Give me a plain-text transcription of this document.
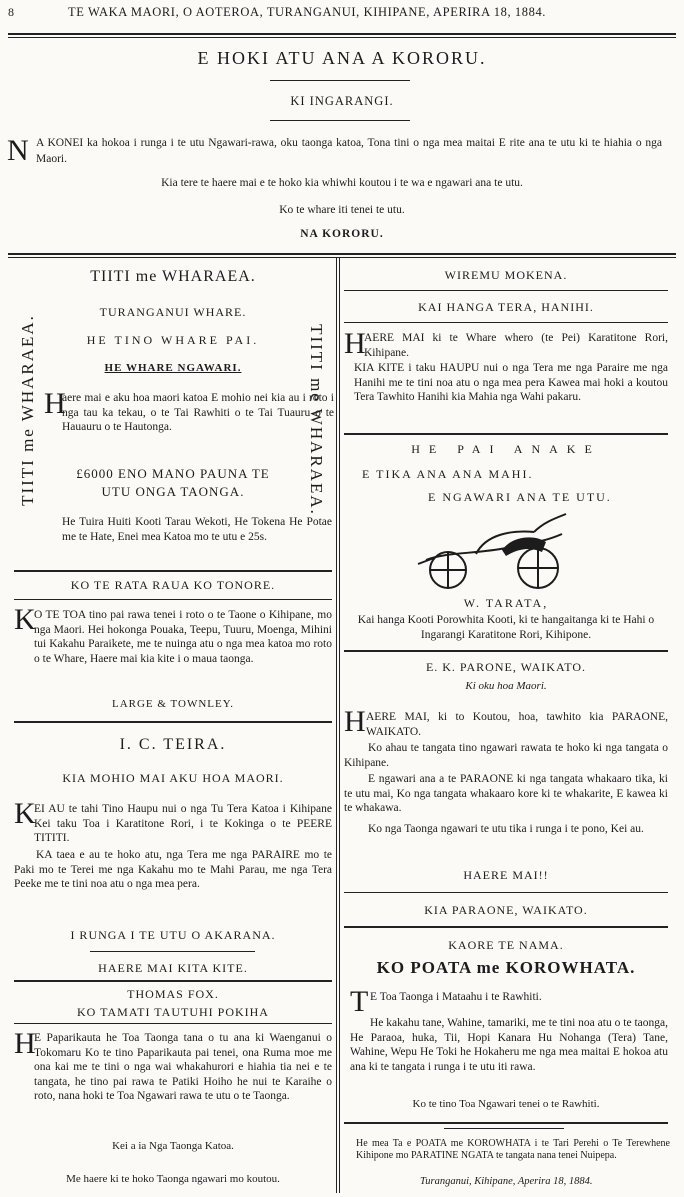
8	TE WAKA MAORI, O AOTEROA, TURANGANUI, KIHIPANE, APERIRA 18, 1884.
E HOKI ATU ANA A KORORU.
KI INGARANGI.
N A KONEI ka hokoa i runga i te utu Ngawari-rawa, oku taonga katoa, Tona tini o nga mea maitai E rite ana te utu ki te hiahia o nga Maori.
Kia tere te haere mai e te hoko kia whiwhi koutou i te wa e ngawari ana te utu.
Ko te whare iti tenei te utu.
NA KORORU.
TIITI me WHARAEA.	TIITI me WHARAEA.
TIITI me WHARAEA.
TURANGANUI WHARE.
HE TINO WHARE PAI.
HE WHARE NGAWARI.
H
aere mai e aku hoa maori katoa E mohio nei kia au i roto i nga tau ka tekau, o te Tai Rawhiti o te Tai Tuauru o te Hauauru o te Hautonga.
£6000 ENO MANO PAUNA TE
UTU ONGA TAONGA.
He Tuira Huiti Kooti Tarau Wekoti, He Tokena He Potae me te Hate, Enei mea Katoa mo te utu e 25s.
KO TE RATA RAUA KO TONORE.
K
O TE TOA tino pai rawa tenei i roto o te Taone o Kihipane, mo nga Maori. Hei hokonga Pouaka, Teepu, Tuuru, Moenga, Mihini tui Kakahu Paraikete, me te nuinga atu o nga mea katoa mo roto o te Whare, Haere mai kia kite i o maua taonga.
LARGE & TOWNLEY.
I. C. TEIRA.
KIA MOHIO MAI AKU HOA MAORI.
K
EI AU te tahi Tino Haupu nui o nga Tu Tera Katoa i Kihipane Kei taku Toa i Karatitone Rori, i te Kokinga o te PEERE TITITI.
KA taea e au te hoko atu, nga Tera me nga PARAIRE mo te Paki mo te Terei me nga Kakahu mo te Mahi Parau, me nga Tera Peeke me te tini noa atu o nga mea pera.
I RUNGA I TE UTU O AKARANA.
HAERE MAI KITA KITE.
THOMAS FOX.
KO TAMATI TAUTUHI POKIHA
H
E Paparikauta he Toa Taonga tana o tu ana ki Waenganui o Tokomaru Ko te tino Paparikauta pai tenei, ona Ruma moe me ona kai me te tini o nga wai whakahurori e hiahia tia nei e te tangata, he tino pai rawa te Patiki Hoiho he nui te Karaihe o roto, nana hoki te Toa Ngawari rawa te utu o te Taonga.
Kei a ia Nga Taonga Katoa.
Me haere ki te hoko Taonga ngawari mo koutou.
WIREMU MOKENA.
KAI HANGA TERA, HANIHI.
H
AERE MAI ki te Whare whero (te Pei) Karatitone Rori, Kihipane.
KIA KITE i taku HAUPU nui o nga Tera me nga Paraire me nga Hanihi me te tini noa atu o nga mea pera Kawea mai hoki a koutou Tera Tawhito Hanihi kia Mahia nga Wahi pakaru.
HE PAI ANAKE
E TIKA ANA ANA MAHI.
E NGAWARI ANA TE UTU.
W. TARATA,
Kai hanga Kooti Porowhita Kooti, ki te hangaitanga ki te Hahi o Ingarangi Karatitone Rori, Kihipone.
E. K. PARONE, WAIKATO.
Ki oku hoa Maori.
H AERE MAI, ki to Koutou, hoa, tawhito kia PARAONE, WAIKATO.
Ko ahau te tangata tino ngawari rawata te hoko ki nga tangata o Kihipane.
E ngawari ana a te PARAONE ki nga tangata whakaaro tika, ki te utu mai, Ko nga tangata whakaaro kore ki te whakarite, E kawea ki te whakawa.
Ko nga Taonga ngawari te utu tika i runga i te pono, Kei au.
HAERE MAI!!
KIA PARAONE, WAIKATO.
KAORE TE NAMA.
KO POATA me KOROWHATA.
T E Toa Taonga i Mataahu i te Rawhiti.
He kakahu tane, Wahine, tamariki, me te tini noa atu o te taonga, He Paraoa, huka, Tii, Hopi Kanara Hu Nohanga (Tera) Tane, Wahine, Wepu He Toki he Hokaheru me nga mea maitai E hokoa atu ana ki te tangata i runga i te utu iti rawa.
Ko te tino Toa Ngawari tenei o te Rawhiti.
He mea Ta e POATA me KOROWHATA i te Tari Perehi o Te Terewhene Kihipone mo PARATINE NGATA te tangata nana tenei Nuipepa.
Turanganui, Kihipane, Aperira 18, 1884.
